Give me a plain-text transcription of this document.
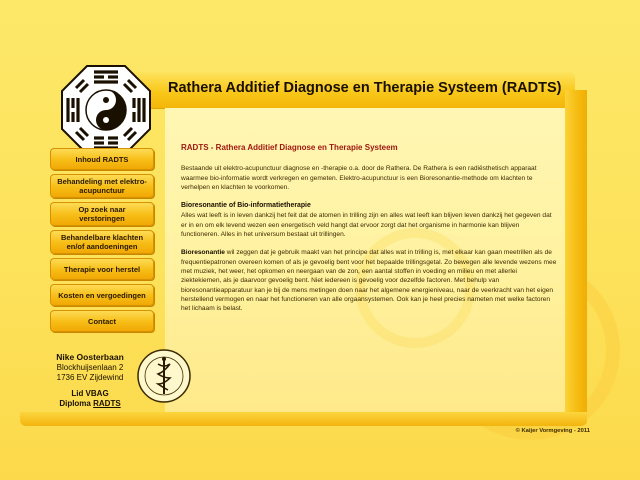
Rathera Additief Diagnose en Therapie Systeem (RADTS)
Inhoud RADTS
Behandeling met elektro-acupunctuur
Op zoek naar verstoringen
Behandelbare klachten en/of aandoeningen
Therapie voor herstel
Kosten en vergoedingen
Contact
Nike Oosterbaan
Blockhuijsenlaan 2
1736 EV Zijdewind
Lid VBAG
Diploma RADTS
RADTS - Rathera Additief Diagnose en Therapie Systeem

Bestaande uit elektro-acupunctuur diagnose en -therapie o.a. door de Rathera. De Rathera is een radiësthetisch apparaat waarmee bio-informatie wordt verkregen en gemeten. Elektro-acupunctuur is een Bioresonantie-methode om klachten te verhelpen en klachten te voorkomen.

Bioresonantie of Bio-informatietherapie

Alles wat leeft is in leven dankzij het feit dat de atomen in trilling zijn en alles wat leeft kan blijven leven dankzij het gegeven dat er in en om elk levend wezen een energetisch veld hangt dat ervoor zorgt dat het organisme in harmonie kan blijven functioneren. Alles in het universum bestaat uit trillingen.

Bioresonantie wil zeggen dat je gebruik maakt van het principe dat alles wat in trilling is, met elkaar kan gaan meetrillen als de frequentiepatronen overeen komen of als je gevoelig bent voor het bepaalde trillingsgetal. Zo bewegen alle levende wezens mee met muziek, het weer, het opkomen en neergaan van de zon, een aantal stoffen in voeding en milieu en met allerlei ziektekiemen, als je daarvoor gevoelig bent. Niet iedereen is gevoelig voor dezelfde factoren. Met behulp van bioresonantieapparatuur kan je bij de mens metingen doen naar het algemene energieniveau, naar de veerkracht van het eigen herstellend vermogen en naar het functioneren van alle orgaansystemen. Ook kan je heel precies nameten met welke factoren het lichaam is belast.

© Kaijer Vormgeving - 2011
